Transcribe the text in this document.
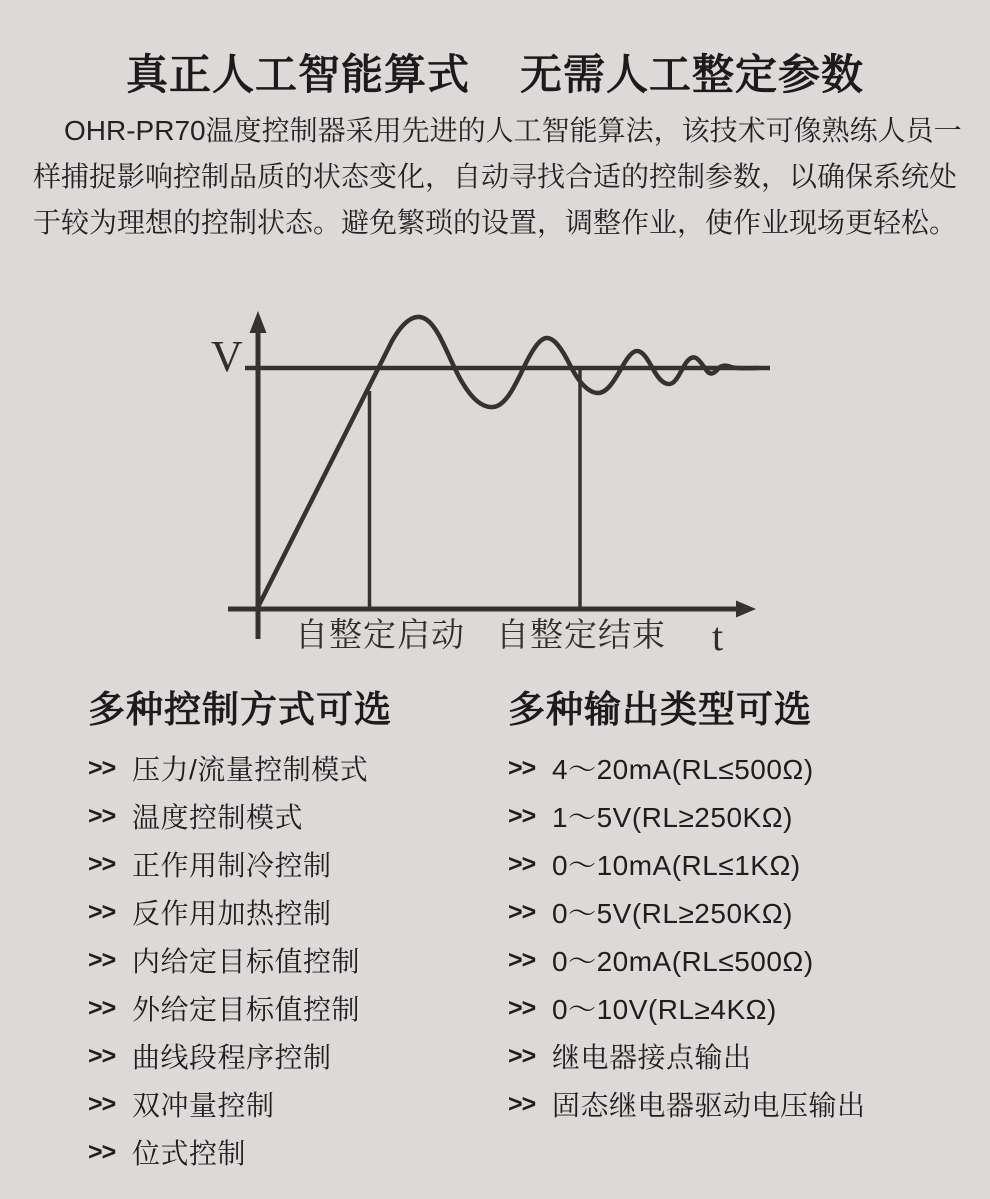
真正人工智能算式 无需人工整定参数
OHR-PR70温度控制器采用先进的人工智能算法，该技术可像熟练人员一
样捕捉影响控制品质的状态变化，自动寻找合适的控制参数，以确保系统处
于较为理想的控制状态。避免繁琐的设置，调整作业，使作业现场更轻松。
V
t
自整定启动 自整定结束
多种控制方式可选
>> 压力/流量控制模式
>> 温度控制模式
>> 正作用制冷控制
>> 反作用加热控制
>> 内给定目标值控制
>> 外给定目标值控制
>> 曲线段程序控制
>> 双冲量控制
>> 位式控制
多种输出类型可选
>> 4～20mA(RL≤500Ω)
>> 1～5V(RL≥250KΩ)
>> 0～10mA(RL≤1KΩ)
>> 0～5V(RL≥250KΩ)
>> 0～20mA(RL≤500Ω)
>> 0～10V(RL≥4KΩ)
>> 继电器接点输出
>> 固态继电器驱动电压输出
